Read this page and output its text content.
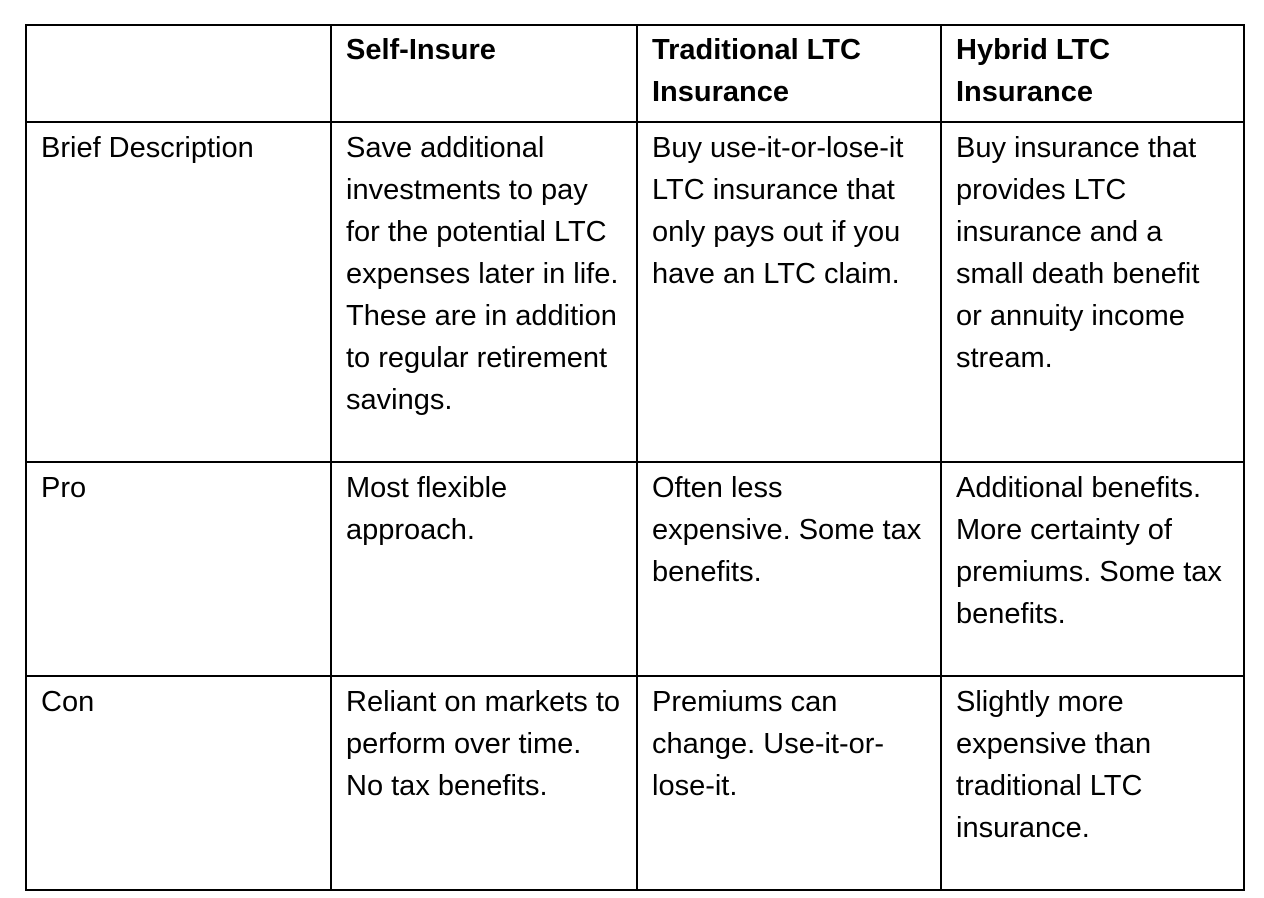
	Self-Insure	Traditional LTC Insurance	Hybrid LTC Insurance
Brief Description	Save additional investments to pay for the potential LTC expenses later in life. These are in addition to regular retirement savings.	Buy use-it-or-lose-it LTC insurance that only pays out if you have an LTC claim.	Buy insurance that provides LTC insurance and a small death benefit or annuity income stream.
Pro	Most flexible approach.	Often less expensive. Some tax benefits.	Additional benefits. More certainty of premiums. Some tax benefits.
Con	Reliant on markets to perform over time. No tax benefits.	Premiums can change. Use-it-or-lose-it.	Slightly more expensive than traditional LTC insurance.
